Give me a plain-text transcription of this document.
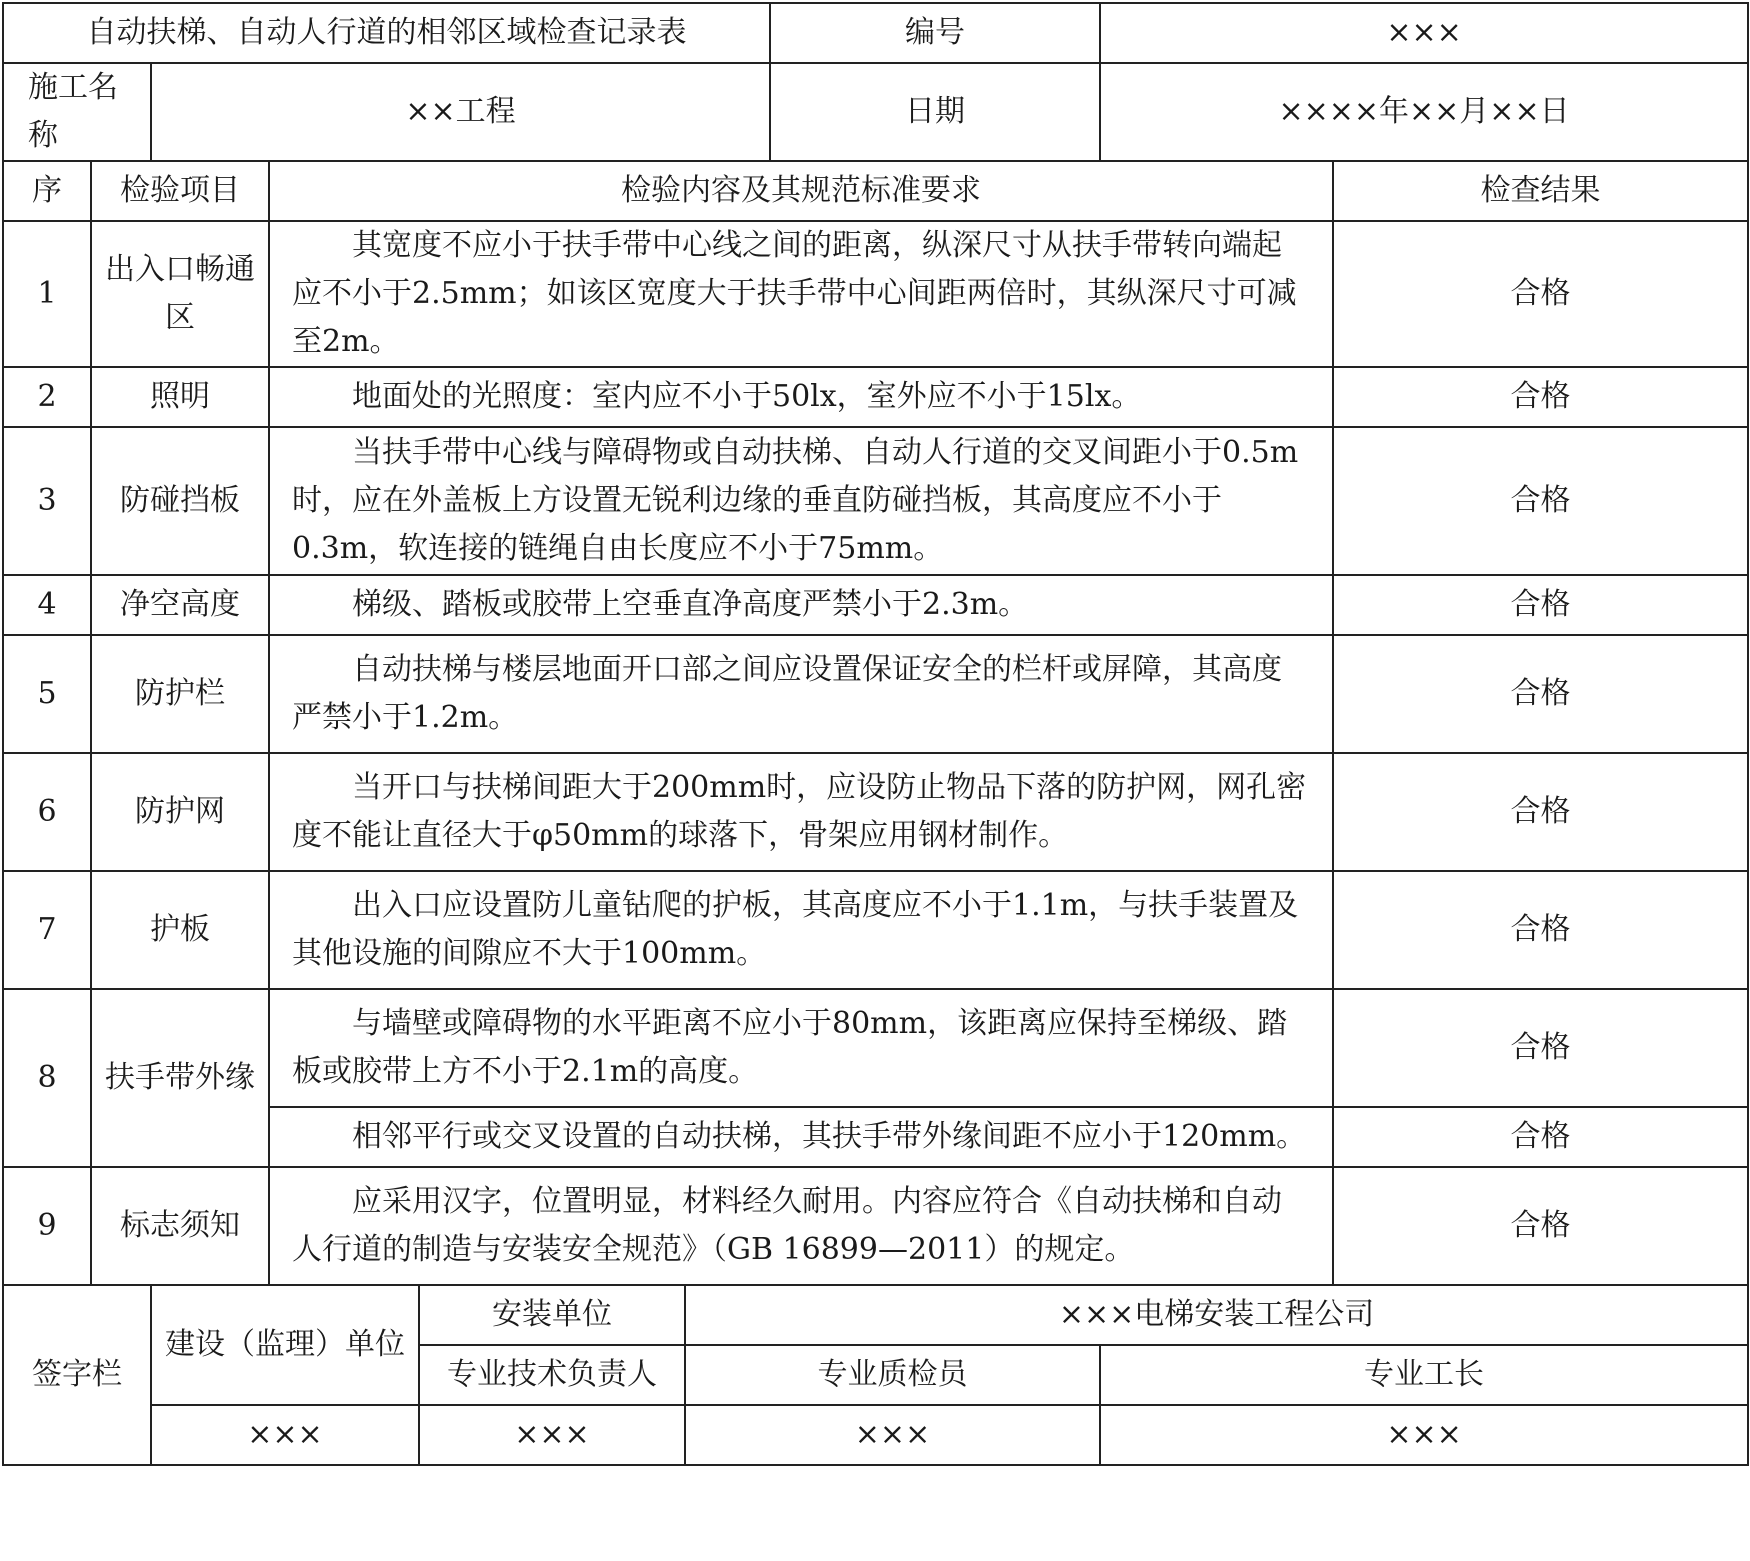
自动扶梯、自动人行道的相邻区域检查记录表						编号	×××	
施工名称		××工程				日期	××××年××月××日	
序	检验项目		检验内容及其规范标准要求					检查结果
1	出入口畅通区		其宽度不应小于扶手带中心线之间的距离，纵深尺寸从扶手带转向端起应不小于2.5mm；如该区宽度大于扶手带中心间距两倍时，其纵深尺寸可减至2m。					合格
2	照明		地面处的光照度：室内应不小于50lx，室外应不小于15lx。					合格
3	防碰挡板		当扶手带中心线与障碍物或自动扶梯、自动人行道的交叉间距小于0.5m时，应在外盖板上方设置无锐利边缘的垂直防碰挡板，其高度应不小于0.3m，软连接的链绳自由长度应不小于75mm。					合格
4	净空高度		梯级、踏板或胶带上空垂直净高度严禁小于2.3m。					合格
5	防护栏		自动扶梯与楼层地面开口部之间应设置保证安全的栏杆或屏障，其高度严禁小于1.2m。					合格
6	防护网		当开口与扶梯间距大于200mm时，应设防止物品下落的防护网，网孔密度不能让直径大于φ50mm的球落下，骨架应用钢材制作。					合格
7	护板		出入口应设置防儿童钻爬的护板，其高度应不小于1.1m，与扶手装置及其他设施的间隙应不大于100mm。					合格
8	扶手带外缘		与墙壁或障碍物的水平距离不应小于80mm，该距离应保持至梯级、踏板或胶带上方不小于2.1m的高度。					合格
			相邻平行或交叉设置的自动扶梯，其扶手带外缘间距不应小于120mm。					合格
9	标志须知		应采用汉字，位置明显，材料经久耐用。内容应符合《自动扶梯和自动人行道的制造与安装安全规范》（GB 16899—2011）的规定。					合格
签字栏		建设（监理）单位		安装单位	×××电梯安装工程公司			
				专业技术负责人	专业质检员		专业工长	
		×××		×××	×××		×××	
